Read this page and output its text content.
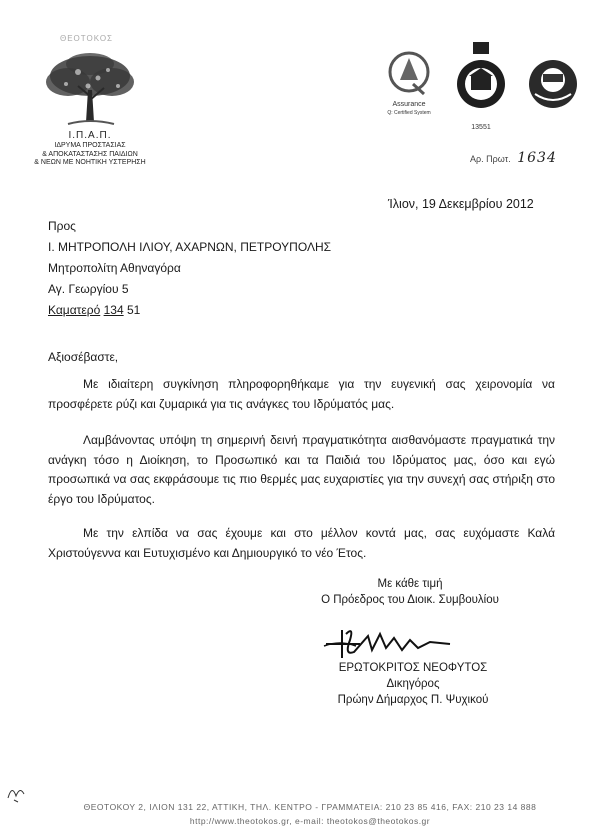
ΘΕΟΤΟΚΟΣ
Ι.Π.Α.Π.
ΙΔΡΥΜΑ ΠΡΟΣΤΑΣΙΑΣ
& ΑΠΟΚΑΤΑΣΤΑΣΗΣ ΠΑΙΔΙΩΝ
& ΝΕΩΝ ΜΕ ΝΟΗΤΙΚΗ ΥΣΤΕΡΗΣΗ
Assurance
Q: Certified System
13551
Αρ. Πρωτ. 1634
Ίλιον, 19 Δεκεμβρίου 2012
Προς
Ι. ΜΗΤΡΟΠΟΛΗ ΙΛΙΟΥ, ΑΧΑΡΝΩΝ, ΠΕΤΡΟΥΠΟΛΗΣ
Μητροπολίτη Αθηναγόρα
Αγ. Γεωργίου 5
Καματερό 134 51
Αξιοσέβαστε,
Με ιδιαίτερη συγκίνηση πληροφορηθήκαμε για την ευγενική σας χειρονομία να προσφέρετε ρύζι και ζυμαρικά για τις ανάγκες του Ιδρύματός μας.
Λαμβάνοντας υπόψη τη σημερινή δεινή πραγματικότητα αισθανόμαστε πραγματικά την ανάγκη τόσο η Διοίκηση, το Προσωπικό και τα Παιδιά του Ιδρύματος μας, όσο και εγώ προσωπικά να σας εκφράσουμε τις πιο θερμές μας ευχαριστίες για την συνεχή σας στήριξη στο έργο του Ιδρύματος.
Με την ελπίδα να σας έχουμε και στο μέλλον κοντά μας, σας ευχόμαστε Καλά Χριστούγεννα και Ευτυχισμένο και Δημιουργικό το νέο Έτος.
Με κάθε τιμή
Ο Πρόεδρος του Διοικ. Συμβουλίου
ΕΡΩΤΟΚΡΙΤΟΣ ΝΕΟΦΥΤΟΣ
Δικηγόρος
Πρώην Δήμαρχος Π. Ψυχικού
ΘΕΟΤΟΚΟΥ 2, ΙΛΙΟΝ 131 22, ΑΤΤΙΚΗ, ΤΗΛ. ΚΕΝΤΡΟ - ΓΡΑΜΜΑΤΕΙΑ: 210 23 85 416, FAX: 210 23 14 888
http://www.theotokos.gr, e-mail: theotokos@theotokos.gr
